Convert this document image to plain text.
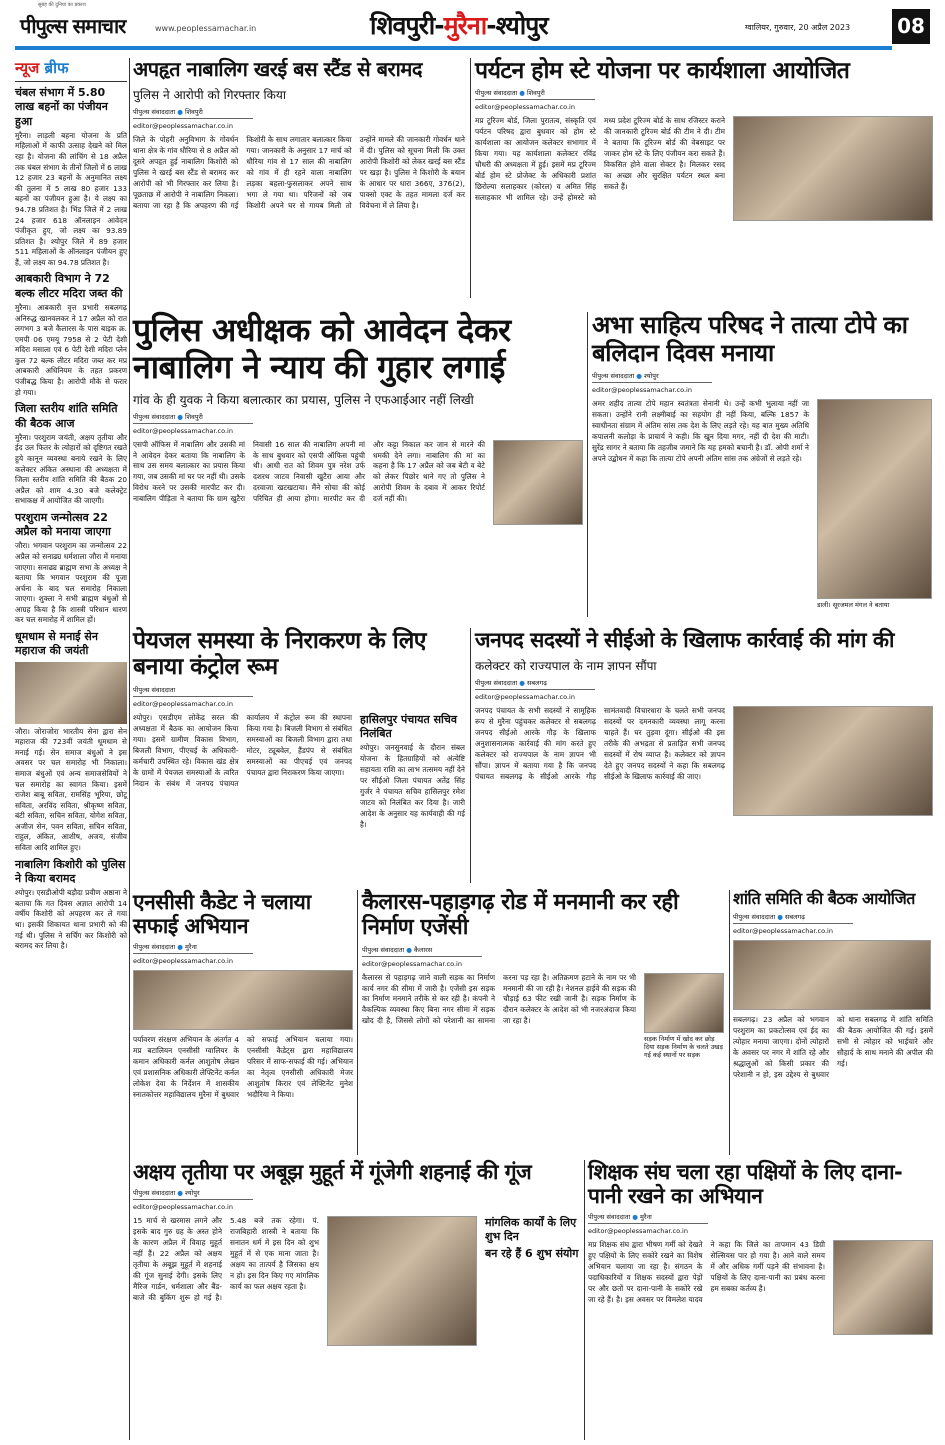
सुबह की दुनिया का प्रकाश
पीपुल्स समाचार	www.peoplessamachar.in	शिवपुरी-मुरैना-श्योपुर	ग्वालियर, गुरुवार, 20 अप्रैल 2023 08
न्यूज ब्रीफ
चंबल संभाग में 5.80 लाख बहनों का पंजीयन हुआ

मुरैना। लाड़ली बहना योजना के प्रति महिलाओं में काफी उत्साह देखने को मिल रहा है। योजना की लांचिंग से 18 अप्रैल तक चंबल संभाग के तीनों जिलों में 6 लाख 12 हजार 23 बहनों के अनुमानित लक्ष्य की तुलना में 5 लाख 80 हजार 133 बहनों का पंजीयन हुआ है। ये लक्ष्य का 94.78 प्रतिशत है। भिंड जिले में 2 लाख 24 हजार 618 ऑनलाइन आवेदन पंजीकृत हुए, जो लक्ष्य का 93.89 प्रतिशत है। श्योपुर जिले में 89 हजार 511 महिलाओं के ऑनलाइन पंजीयन हुए हैं, जो लक्ष्य का 94.78 प्रतिशत है।

आबकारी विभाग ने 72 बल्क लीटर मदिरा जब्त की

मुरैना। आबकारी वृत्त प्रभारी सबलगढ़ अनिरुद्ध खानवलकर ने 17 अप्रैल को रात लगभग 3 बजे कैलारस के पास बाइक क्र. एमपी 06 एमयू 7958 से 2 पेटी देशी मदिरा मसाला एवं 6 पेटी देशी मदिरा प्लेन कुल 72 बल्क लीटर मदिरा जब्त कर मप्र आबकारी अधिनियम के तहत प्रकरण पंजीबद्ध किया है। आरोपी मौके से फरार हो गया।

जिला स्तरीय शांति समिति की बैठक आज

मुरैना। परशुराम जयंती, अक्षय तृतीया और ईद उल फितर के त्योहारों को दृष्टिगत रखते हुये कानून व्यवस्था बनाये रखने के लिए कलेक्टर अंकित अस्थाना की अध्यक्षता में जिला स्तरीय शांति समिति की बैठक 20 अप्रैल को शाम 4.30 बजे कलेक्ट्रेट सभाकक्ष में आयोजित की जाएगी।

परशुराम जन्मोत्सव 22 अप्रैल को मनाया जाएगा

जौरा। भगवान परशुराम का जन्मोत्सव 22 अप्रैल को सनाढ्य धर्मशाला जौरा में मनाया जाएगा। सनाढ्य ब्राह्मण सभा के अध्यक्ष ने बताया कि भगवान परशुराम की पूजा अर्चना के बाद चल समारोह निकाला जाएगा। शुक्ला ने सभी ब्राह्मण बंधुओं से आग्रह किया है कि शास्त्री परिधान धारण कर चल समारोह में शामिल हों।

धूमधाम से मनाई सेन महाराज की जयंती

जौरा। जोराजोरा भारतीय सेना द्वारा सेन महाराज की 723वीं जयंती धूमधाम से मनाई गई। सेन समाज बंधुओं ने इस अवसर पर चल समारोह भी निकाला। समाज बंधुओं एवं अन्य समाजसेवियों ने चल समारोह का स्वागत किया। इसमें राजेश बाबू सविता, रामसिंह भूरिया, छोटू सविता, अरविंद सविता, श्रीकृष्ण सविता, बंटी सविता, सचिन सविता, योगेश सविता, अजीज सेन, पवन सविता, सचिन सविता, राहुल, अंकित, आशीष, अजय, संजीव सविता आदि शामिल हुए।

नाबालिग किशोरी को पुलिस ने किया बरामद

श्योपुर। एसडीओपी बड़ौदा प्रवीण अष्ठाना ने बताया कि गत दिवस अज्ञात आरोपी 14 वर्षीय किशोरी को अपहरण कर ले गया था। इसकी शिकायत थाना प्रभारी को की गई थी। पुलिस ने सर्चिंग कर किशोरी को बरामद कर लिया है।

अपहृत नाबालिग खरई बस स्टैंड से बरामद
पुलिस ने आरोपी को गिरफ्तार किया
पीपुल्स संवाददाता ● शिवपुरी
editor@peoplessamachar.co.in
जिले के पोहरी अनुविभाग के गोवर्धन थाना क्षेत्र के गांव धौरिया से 8 अप्रैल को दूसरे अपहृत हुई नाबालिग किशोरी को पुलिस ने खरई बस स्टैंड से बरामद कर आरोपी को भी गिरफ्तार कर लिया है। पूछताछ में आरोपी ने नाबालिग निकला। बताया जा रहा है कि अपहरण की गई किशोरी के साथ लगातार बलात्कार किया गया। जानकारी के अनुसार 17 मार्च को धौरिया गांव से 17 साल की नाबालिग को गांव में ही रहने वाला नाबालिग लड़का बहला-फुसलाकर अपने साथ भगा ले गया था। परिजनों को जब किशोरी अपने घर से गायब मिली तो उन्होंने मामले की जानकारी गोवर्धन थाने में दी। पुलिस को सूचना मिली कि उक्त आरोपी किशोरी को लेकर खरई बस स्टैंड पर खड़ा है। पुलिस ने किशोरी के बयान के आधार पर धारा 366ए, 376(2), पाक्सो एक्ट के तहत मामला दर्ज कर विवेचना में ले लिया है।
पर्यटन होम स्टे योजना पर कार्यशाला आयोजित
पीपुल्स संवाददाता ● शिवपुरी
editor@peoplessamachar.co.in
मप्र टूरिज्म बोर्ड, जिला पुरातत्व, संस्कृति एवं पर्यटन परिषद द्वारा बुधवार को होम स्टे कार्यशाला का आयोजन कलेक्टर सभागार में किया गया। यह कार्यशाला कलेक्टर रविंद्र चौधरी की अध्यक्षता में हुई। इसमें मप्र टूरिज्म बोर्ड होम स्टे प्रोजेक्ट के अधिकारी प्रशांत छिरोल्या सलाहकार (कोरल) व अमित सिंह सलाहकार भी शामिल रहे। उन्हें होमस्टे को मध्य प्रदेश टूरिज्म बोर्ड के साथ रजिस्टर कराने की जानकारी टूरिज्म बोर्ड की टीम ने दी। टीम ने बताया कि टूरिज्म बोर्ड की वेबसाइट पर जाकर होम स्टे के लिए पंजीयन करा सकते हैं। विकसित होने वाला सेक्टर है। मिलकर रसद का अच्छा और सुरक्षित पर्यटन स्थल बना सकते हैं।
पुलिस अधीक्षक को आवेदन देकर नाबालिग ने न्याय की गुहार लगाई
गांव के ही युवक ने किया बलात्कार का प्रयास, पुलिस ने एफआईआर नहीं लिखी
पीपुल्स संवाददाता ● शिवपुरी
editor@peoplessamachar.co.in
एसपी ऑफिस में नाबालिग और उसकी मां ने आवेदन देकर बताया कि नाबालिग के साथ उस समय बलात्कार का प्रयास किया गया, जब उसकी मां घर पर नहीं थी। उसके विरोध करने पर उसकी मारपीट कर दी। नाबालिग पीड़िता ने बताया कि ग्राम खुटैरा निवासी 16 साल की नाबालिग अपनी मां के साथ बुधवार को एसपी ऑफिस पहुंची थी। आधी रात को शिवम पुत्र नरेश उर्फ दशरथ जाटव निवासी खुटैरा आया और दरवाजा खटखटाया। मैंने सोचा की कोई परिचित ही आया होगा। मारपीट कर दी और कट्टा निकाल कर जान से मारने की धमकी देने लगा। नाबालिग की मां का कहना है कि 17 अप्रैल को जब बेटी व बेटे को लेकर पिछोर थाने गए तो पुलिस ने आरोपी शिवम के दबाव में आकर रिपोर्ट दर्ज नहीं की।
अभा साहित्य परिषद ने तात्या टोपे का बलिदान दिवस मनाया
पीपुल्स संवाददाता ● श्योपुर
editor@peoplessamachar.co.in
अमर शहीद तात्या टोपे महान स्वतंत्रता सेनानी थे। उन्हें कभी भुलाया नहीं जा सकता। उन्होंने रानी लक्ष्मीबाई का सहयोग ही नहीं किया, बल्कि 1857 के स्वाधीनता संग्राम में अंतिम सांस तक देश के लिए लड़ते रहे। यह बात मुख्य अतिथि कपालनी कलोड़ा के प्राचार्य ने कही। कि खून दिया मगर, नहीं दी देश की माटी। सुरेंद्र सागर ने बताया कि तहजीब जमाने कि यह हमको बचानी है। डॉ. ओपी शर्मा ने अपने उद्बोधन में कहा कि तात्या टोपे अपनी अंतिम सांस तक अंग्रेजों से लड़ते रहे।
डाली। सूरजमल मंगल ने बताया
पेयजल समस्या के निराकरण के लिए बनाया कंट्रोल रूम
पीपुल्स संवाददाता
editor@peoplessamachar.co.in
श्योपुर। एसडीएम लोकेंद्र सरल की अध्यक्षता में बैठक का आयोजन किया गया। इसमें ग्रामीण विकास विभाग, बिजली विभाग, पीएचई के अधिकारी-कर्मचारी उपस्थित रहे। विकास खंड क्षेत्र के ग्रामों में पेयजल समस्याओं के त्वरित निदान के संबंध में जनपद पंचायत कार्यालय में कंट्रोल रूम की स्थापना किया गया है। बिजली विभाग से संबंधित समस्याओं का बिजली विभाग द्वारा तथा मोटर, ट्यूबवेल, हैंडपंप से संबंधित समस्याओं का पीएचई एवं जनपद पंचायत द्वारा निराकरण किया जाएगा।
हासिलपुर पंचायत सचिव निलंबित
श्योपुर। जनसुनवाई के दौरान संबल योजना के हितग्राहियों को अंत्येष्टि सहायता राशि का लाभ तत्समय नहीं देने पर सीईओ जिला पंचायत अतेंद्र सिंह गुर्जर ने पंचायत सचिव हासिलपुर रमेश जाटव को निलंबित कर दिया है। जारी आदेश के अनुसार यह कार्यवाही की गई है।
जनपद सदस्यों ने सीईओ के खिलाफ कार्रवाई की मांग की
कलेक्टर को राज्यपाल के नाम ज्ञापन सौंपा
पीपुल्स संवाददाता ● सबलगढ़
editor@peoplessamachar.co.in
जनपद पंचायत के सभी सदस्यों ने सामूहिक रूप से मुरैना पहुंचकर कलेक्टर से सबलगढ़ जनपद सीईओ आरके गौड़ के खिलाफ अनुशासनात्मक कार्रवाई की मांग करते हुए कलेक्टर को राज्यपाल के नाम ज्ञापन भी सौंपा। ज्ञापन में बताया गया है कि जनपद पंचायत सबलगढ़ के सीईओ आरके गौड़ सामंतवादी विचारधारा के चलते सभी जनपद सदस्यों पर दमनकारी व्यवस्था लागू करना चाहते हैं। घर तुड़वा दूंगा। सीईओ की इस तरीके की अभद्रता से प्रताड़ित सभी जनपद सदस्यों में रोष व्याप्त है। कलेक्टर को ज्ञापन देते हुए जनपद सदस्यों ने कहा कि सबलगढ़ सीईओ के खिलाफ कार्रवाई की जाए।
एनसीसी कैडेट ने चलाया सफाई अभियान
पीपुल्स संवाददाता ● मुरैना
editor@peoplessamachar.co.in
पर्यावरण संरक्षण अभियान के अंतर्गत 4 मप्र बटालियन एनसीसी ग्वालियर के कमान अधिकारी कर्नल आशुतोष लेखन एवं प्रशासनिक अधिकारी लेफ्टिनेंट कर्नल लोकेश देवा के निर्देशन में शासकीय स्नातकोत्तर महाविद्यालय मुरैना में बुधवार को सफाई अभियान चलाया गया। एनसीसी कैडेट्स द्वारा महाविद्यालय परिसर में साफ-सफाई की गई। अभियान का नेतृत्व एनसीसी अधिकारी मेजर आशुतोष किरार एवं लेफ्टिनेंट मुनेश भदौरिया ने किया।
कैलारस-पहाड़गढ़ रोड में मनमानी कर रही निर्माण एजेंसी
पीपुल्स संवाददाता ● कैलारस
editor@peoplessamachar.co.in
कैलारस से पहाड़गढ़ जाने वाली सड़क का निर्माण कार्य नगर की सीमा में जारी है। एजेंसी इस सड़क का निर्माण मनमाने तरीके से कर रही है। कंपनी ने वैकल्पिक व्यवस्था किए बिना नगर सीमा में सड़क खोद दी है, जिससे लोगों को परेशानी का सामना करना पड़ रहा है। अतिक्रमण हटाने के नाम पर भी मनमानी की जा रही है। नेशनल हाईवे की सड़क की चौड़ाई 63 फीट रखी जानी है। सड़क निर्माण के दौरान कलेक्टर के आदेश को भी नजरअंदाज किया जा रहा है।
सड़क निर्माण में खोद कर छोड़ दिया सड़क निर्माण के चलते उखड़ गई कई स्थानों पर सड़क
शांति समिति की बैठक आयोजित
पीपुल्स संवाददाता ● सबलगढ़
editor@peoplessamachar.co.in
सबलगढ़। 23 अप्रैल को भगवान परशुराम का प्रकटोत्सव एवं ईद का त्योहार मनाया जाएगा। दोनों त्योहारों के अवसर पर नगर में शांति रहे और श्रद्धालुओं को किसी प्रकार की परेशानी न हो, इस उद्देश्य से बुधवार को थाना सबलगढ़ में शांति समिति की बैठक आयोजित की गई। इसमें सभी से त्योहार को भाईचारे और सौहार्द के साथ मनाने की अपील की गई।
अक्षय तृतीया पर अबूझ मुहूर्त में गूंजेगी शहनाई की गूंज
पीपुल्स संवाददाता ● श्योपुर
editor@peoplessamachar.co.in
15 मार्च से खरमास लगने और इसके बाद गुरु ग्रह के अस्त होने के कारण अप्रैल में विवाह मुहूर्त नहीं हैं। 22 अप्रैल को अक्षय तृतीया के अबूझ मुहूर्त में शहनाई की गूंज सुनाई देगी। इसके लिए मैरिज गार्डन, धर्मशाला और बैंड-बाजे की बुकिंग शुरू हो गई है। 5.48 बजे तक रहेगा। पं. राजबिहारी शास्त्री ने बताया कि सनातन धर्म में इस दिन को शुभ मुहूर्त में से एक माना जाता है। अक्षय का तात्पर्य है जिसका क्षय न हो। इस दिन किए गए मांगलिक कार्य का फल अक्षय रहता है।
मांगलिक कार्यों के लिए शुभ दिन
बन रहे हैं 6 शुभ संयोग
शिक्षक संघ चला रहा पक्षियों के लिए दाना-पानी रखने का अभियान
पीपुल्स संवाददाता ● मुरैना
editor@peoplessamachar.co.in
मप्र शिक्षक संघ द्वारा भीषण गर्मी को देखते हुए पक्षियों के लिए सकोरे रखने का विशेष अभियान चलाया जा रहा है। संगठन के पदाधिकारियों व शिक्षक सदस्यों द्वारा पेड़ों पर और छतों पर दाना-पानी के सकोरे रखे जा रहे हैं। है। इस अवसर पर विमलेश यादव ने कहा कि जिले का तापमान 43 डिग्री सेल्सियस पार हो गया है। आने वाले समय में और अधिक गर्मी पड़ने की संभावना है। पक्षियों के लिए दाना-पानी का प्रबंध करना हम सबका कर्तव्य है।
